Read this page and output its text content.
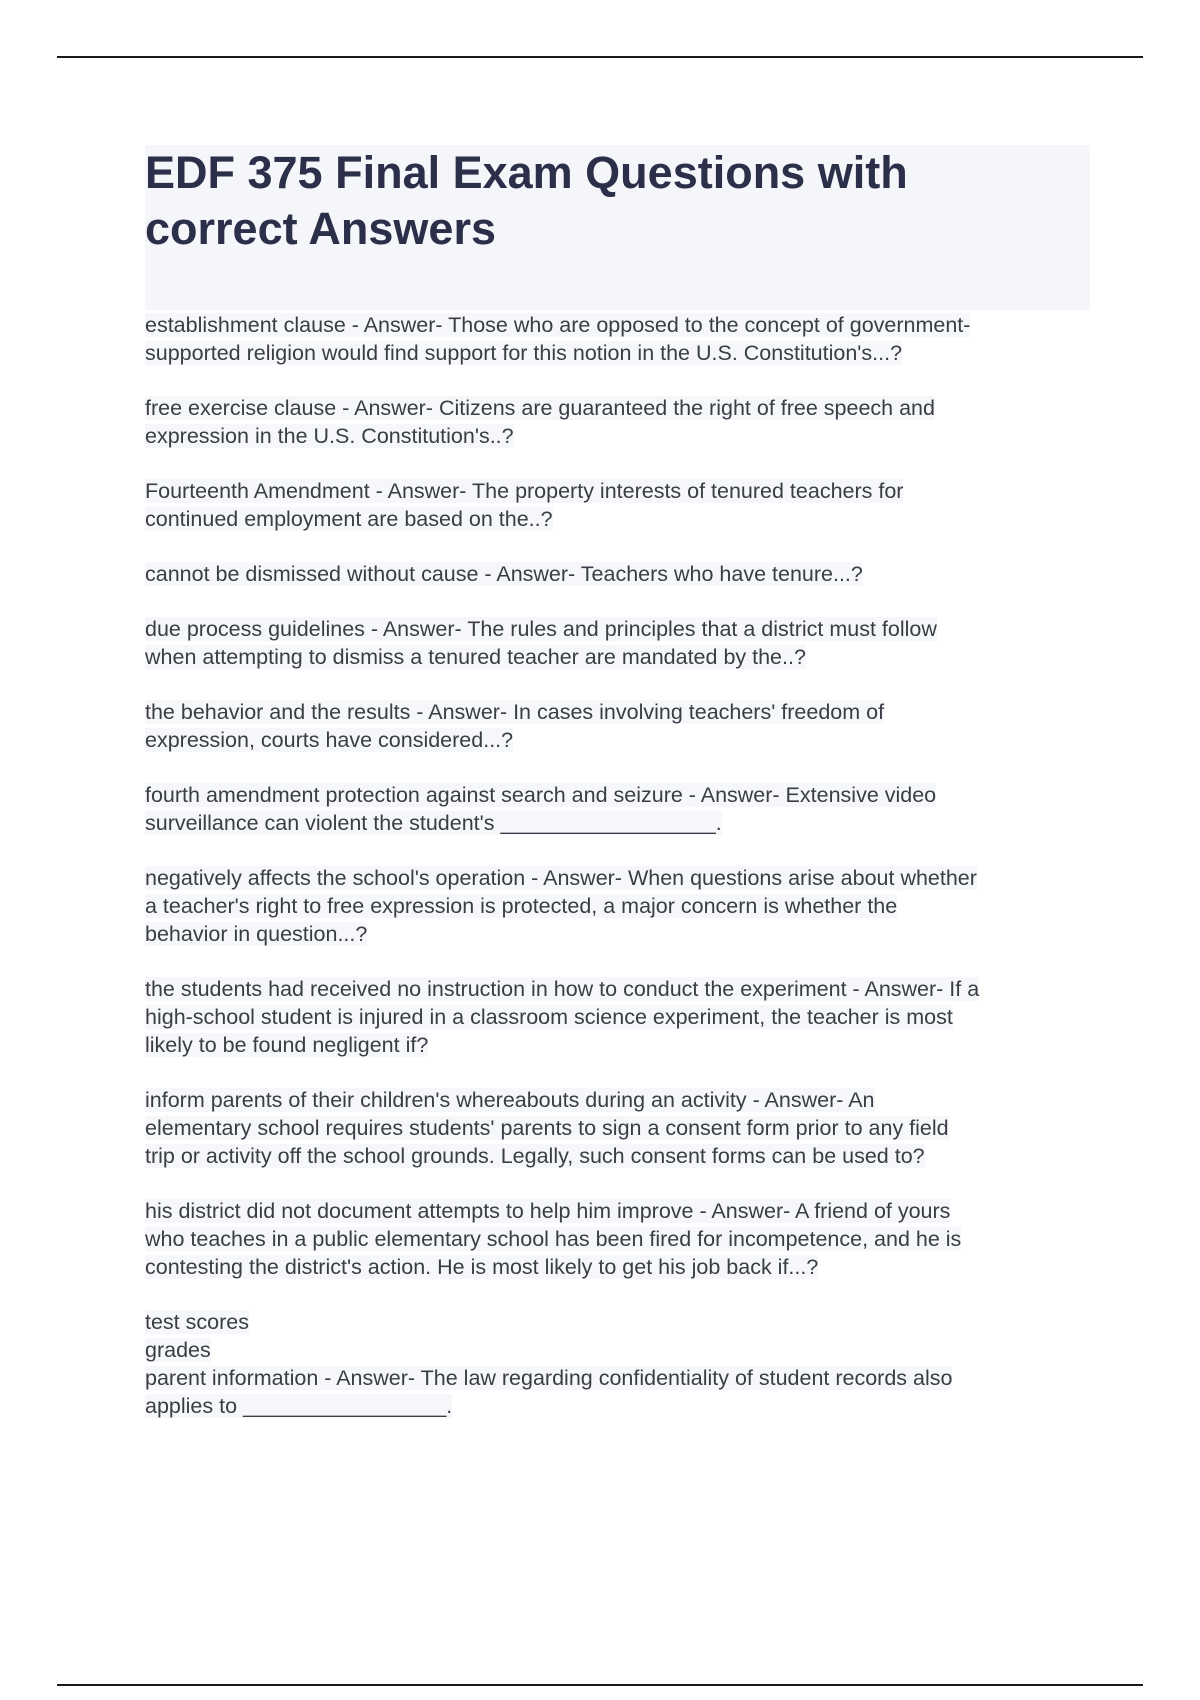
EDF 375 Final Exam Questions with
correct Answers
establishment clause - Answer- Those who are opposed to the concept of government-
supported religion would find support for this notion in the U.S. Constitution's...?
free exercise clause - Answer- Citizens are guaranteed the right of free speech and
expression in the U.S. Constitution's..?
Fourteenth Amendment - Answer- The property interests of tenured teachers for
continued employment are based on the..?
cannot be dismissed without cause - Answer- Teachers who have tenure...?
due process guidelines - Answer- The rules and principles that a district must follow
when attempting to dismiss a tenured teacher are mandated by the..?
the behavior and the results - Answer- In cases involving teachers' freedom of
expression, courts have considered...?
fourth amendment protection against search and seizure - Answer- Extensive video
surveillance can violent the student's __________________.
negatively affects the school's operation - Answer- When questions arise about whether
a teacher's right to free expression is protected, a major concern is whether the
behavior in question...?
the students had received no instruction in how to conduct the experiment - Answer- If a
high-school student is injured in a classroom science experiment, the teacher is most
likely to be found negligent if?
inform parents of their children's whereabouts during an activity - Answer- An
elementary school requires students' parents to sign a consent form prior to any field
trip or activity off the school grounds. Legally, such consent forms can be used to?
his district did not document attempts to help him improve - Answer- A friend of yours
who teaches in a public elementary school has been fired for incompetence, and he is
contesting the district's action. He is most likely to get his job back if...?
test scores
grades
parent information - Answer- The law regarding confidentiality of student records also
applies to _________________.
